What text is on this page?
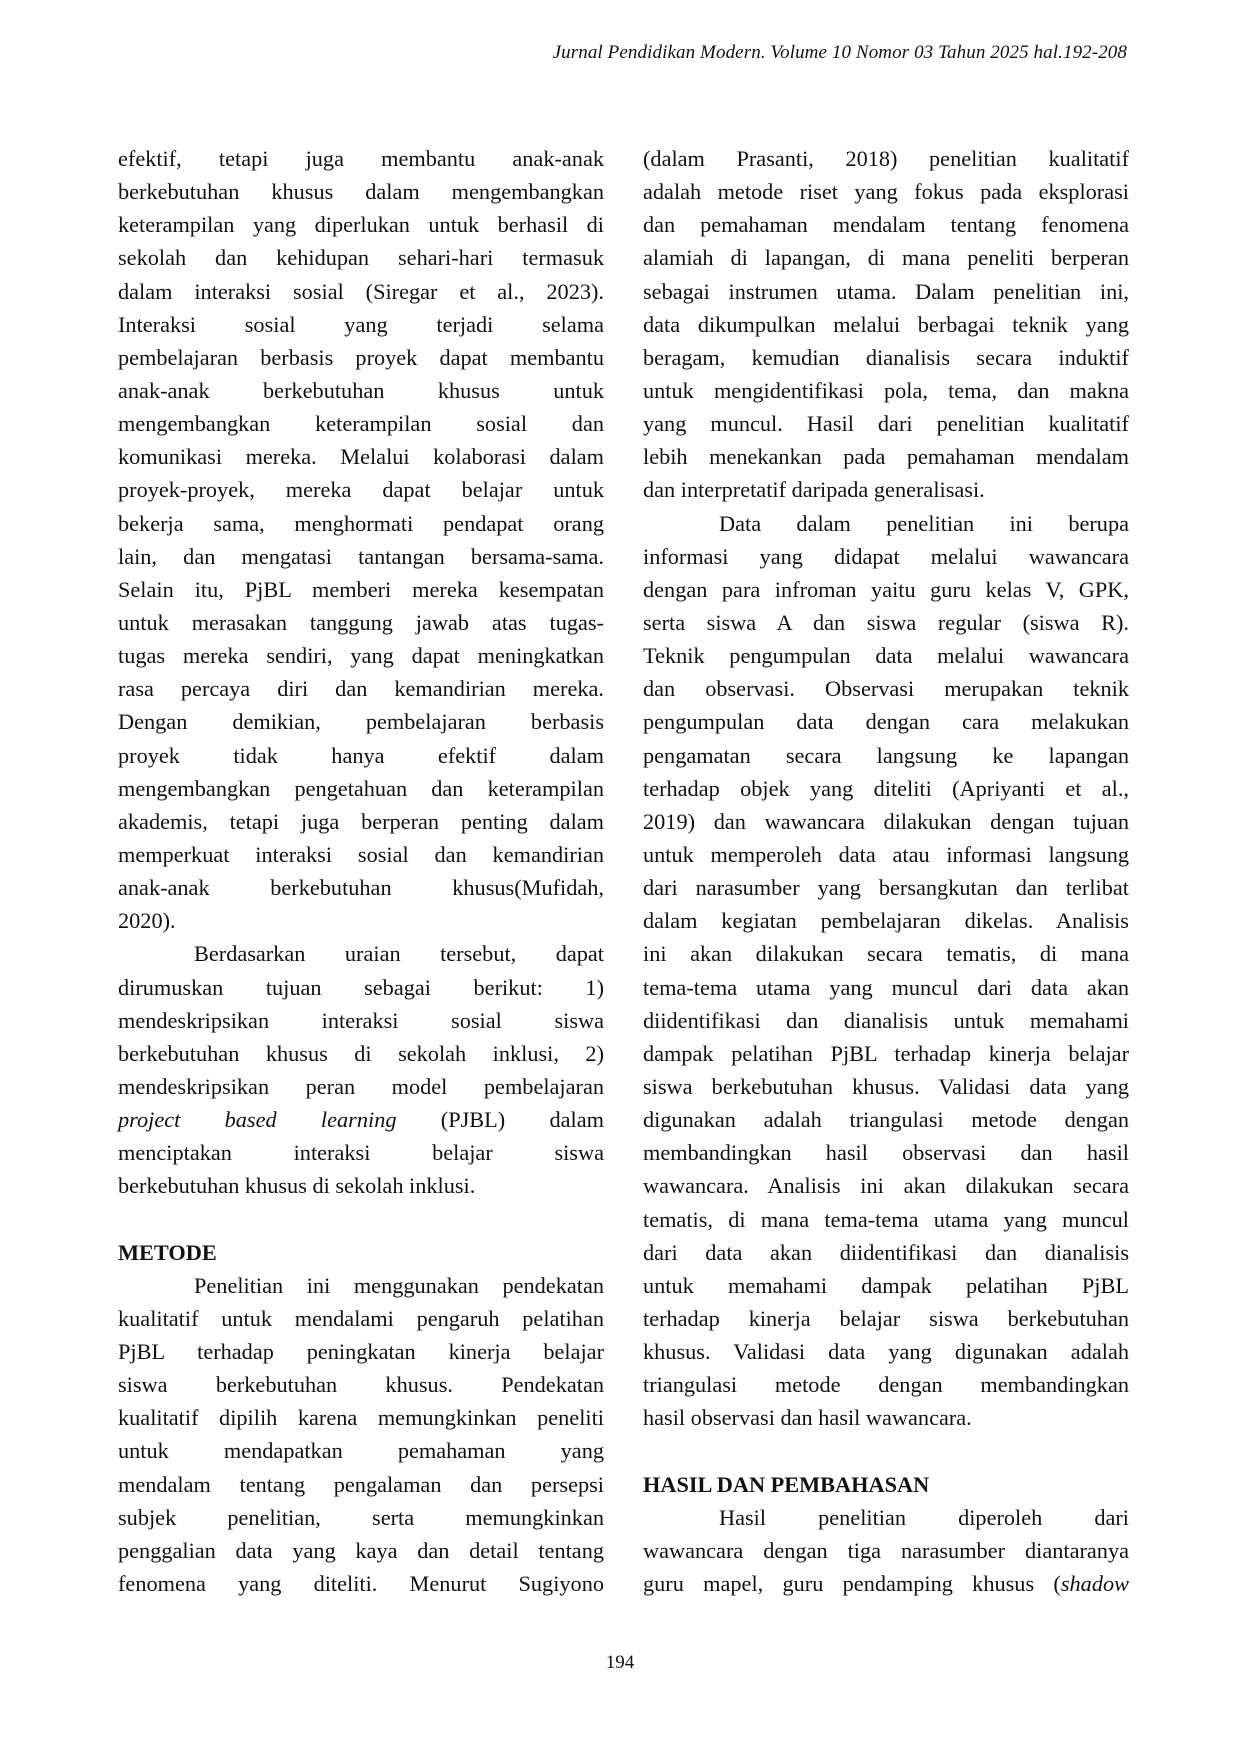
Jurnal Pendidikan Modern. Volume 10 Nomor 03 Tahun 2025 hal.192-208
efektif, tetapi juga membantu anak-anak
berkebutuhan khusus dalam mengembangkan
keterampilan yang diperlukan untuk berhasil di
sekolah dan kehidupan sehari-hari termasuk
dalam interaksi sosial (Siregar et al., 2023).
Interaksi sosial yang terjadi selama
pembelajaran berbasis proyek dapat membantu
anak-anak berkebutuhan khusus untuk
mengembangkan keterampilan sosial dan
komunikasi mereka. Melalui kolaborasi dalam
proyek-proyek, mereka dapat belajar untuk
bekerja sama, menghormati pendapat orang
lain, dan mengatasi tantangan bersama-sama.
Selain itu, PjBL memberi mereka kesempatan
untuk merasakan tanggung jawab atas tugas-
tugas mereka sendiri, yang dapat meningkatkan
rasa percaya diri dan kemandirian mereka.
Dengan demikian, pembelajaran berbasis
proyek tidak hanya efektif dalam
mengembangkan pengetahuan dan keterampilan
akademis, tetapi juga berperan penting dalam
memperkuat interaksi sosial dan kemandirian
anak-anak berkebutuhan khusus(Mufidah,
2020).
Berdasarkan uraian tersebut, dapat
dirumuskan tujuan sebagai berikut: 1)
mendeskripsikan interaksi sosial siswa
berkebutuhan khusus di sekolah inklusi, 2)
mendeskripsikan peran model pembelajaran
project based learning (PJBL) dalam
menciptakan interaksi belajar siswa
berkebutuhan khusus di sekolah inklusi.
METODE
Penelitian ini menggunakan pendekatan
kualitatif untuk mendalami pengaruh pelatihan
PjBL terhadap peningkatan kinerja belajar
siswa berkebutuhan khusus. Pendekatan
kualitatif dipilih karena memungkinkan peneliti
untuk mendapatkan pemahaman yang
mendalam tentang pengalaman dan persepsi
subjek penelitian, serta memungkinkan
penggalian data yang kaya dan detail tentang
fenomena yang diteliti. Menurut Sugiyono
(dalam Prasanti, 2018) penelitian kualitatif
adalah metode riset yang fokus pada eksplorasi
dan pemahaman mendalam tentang fenomena
alamiah di lapangan, di mana peneliti berperan
sebagai instrumen utama. Dalam penelitian ini,
data dikumpulkan melalui berbagai teknik yang
beragam, kemudian dianalisis secara induktif
untuk mengidentifikasi pola, tema, dan makna
yang muncul. Hasil dari penelitian kualitatif
lebih menekankan pada pemahaman mendalam
dan interpretatif daripada generalisasi.
Data dalam penelitian ini berupa
informasi yang didapat melalui wawancara
dengan para infroman yaitu guru kelas V, GPK,
serta siswa A dan siswa regular (siswa R).
Teknik pengumpulan data melalui wawancara
dan observasi. Observasi merupakan teknik
pengumpulan data dengan cara melakukan
pengamatan secara langsung ke lapangan
terhadap objek yang diteliti (Apriyanti et al.,
2019) dan wawancara dilakukan dengan tujuan
untuk memperoleh data atau informasi langsung
dari narasumber yang bersangkutan dan terlibat
dalam kegiatan pembelajaran dikelas. Analisis
ini akan dilakukan secara tematis, di mana
tema-tema utama yang muncul dari data akan
diidentifikasi dan dianalisis untuk memahami
dampak pelatihan PjBL terhadap kinerja belajar
siswa berkebutuhan khusus. Validasi data yang
digunakan adalah triangulasi metode dengan
membandingkan hasil observasi dan hasil
wawancara. Analisis ini akan dilakukan secara
tematis, di mana tema-tema utama yang muncul
dari data akan diidentifikasi dan dianalisis
untuk memahami dampak pelatihan PjBL
terhadap kinerja belajar siswa berkebutuhan
khusus. Validasi data yang digunakan adalah
triangulasi metode dengan membandingkan
hasil observasi dan hasil wawancara.
HASIL DAN PEMBAHASAN
Hasil penelitian diperoleh dari
wawancara dengan tiga narasumber diantaranya
guru mapel, guru pendamping khusus (shadow
194
